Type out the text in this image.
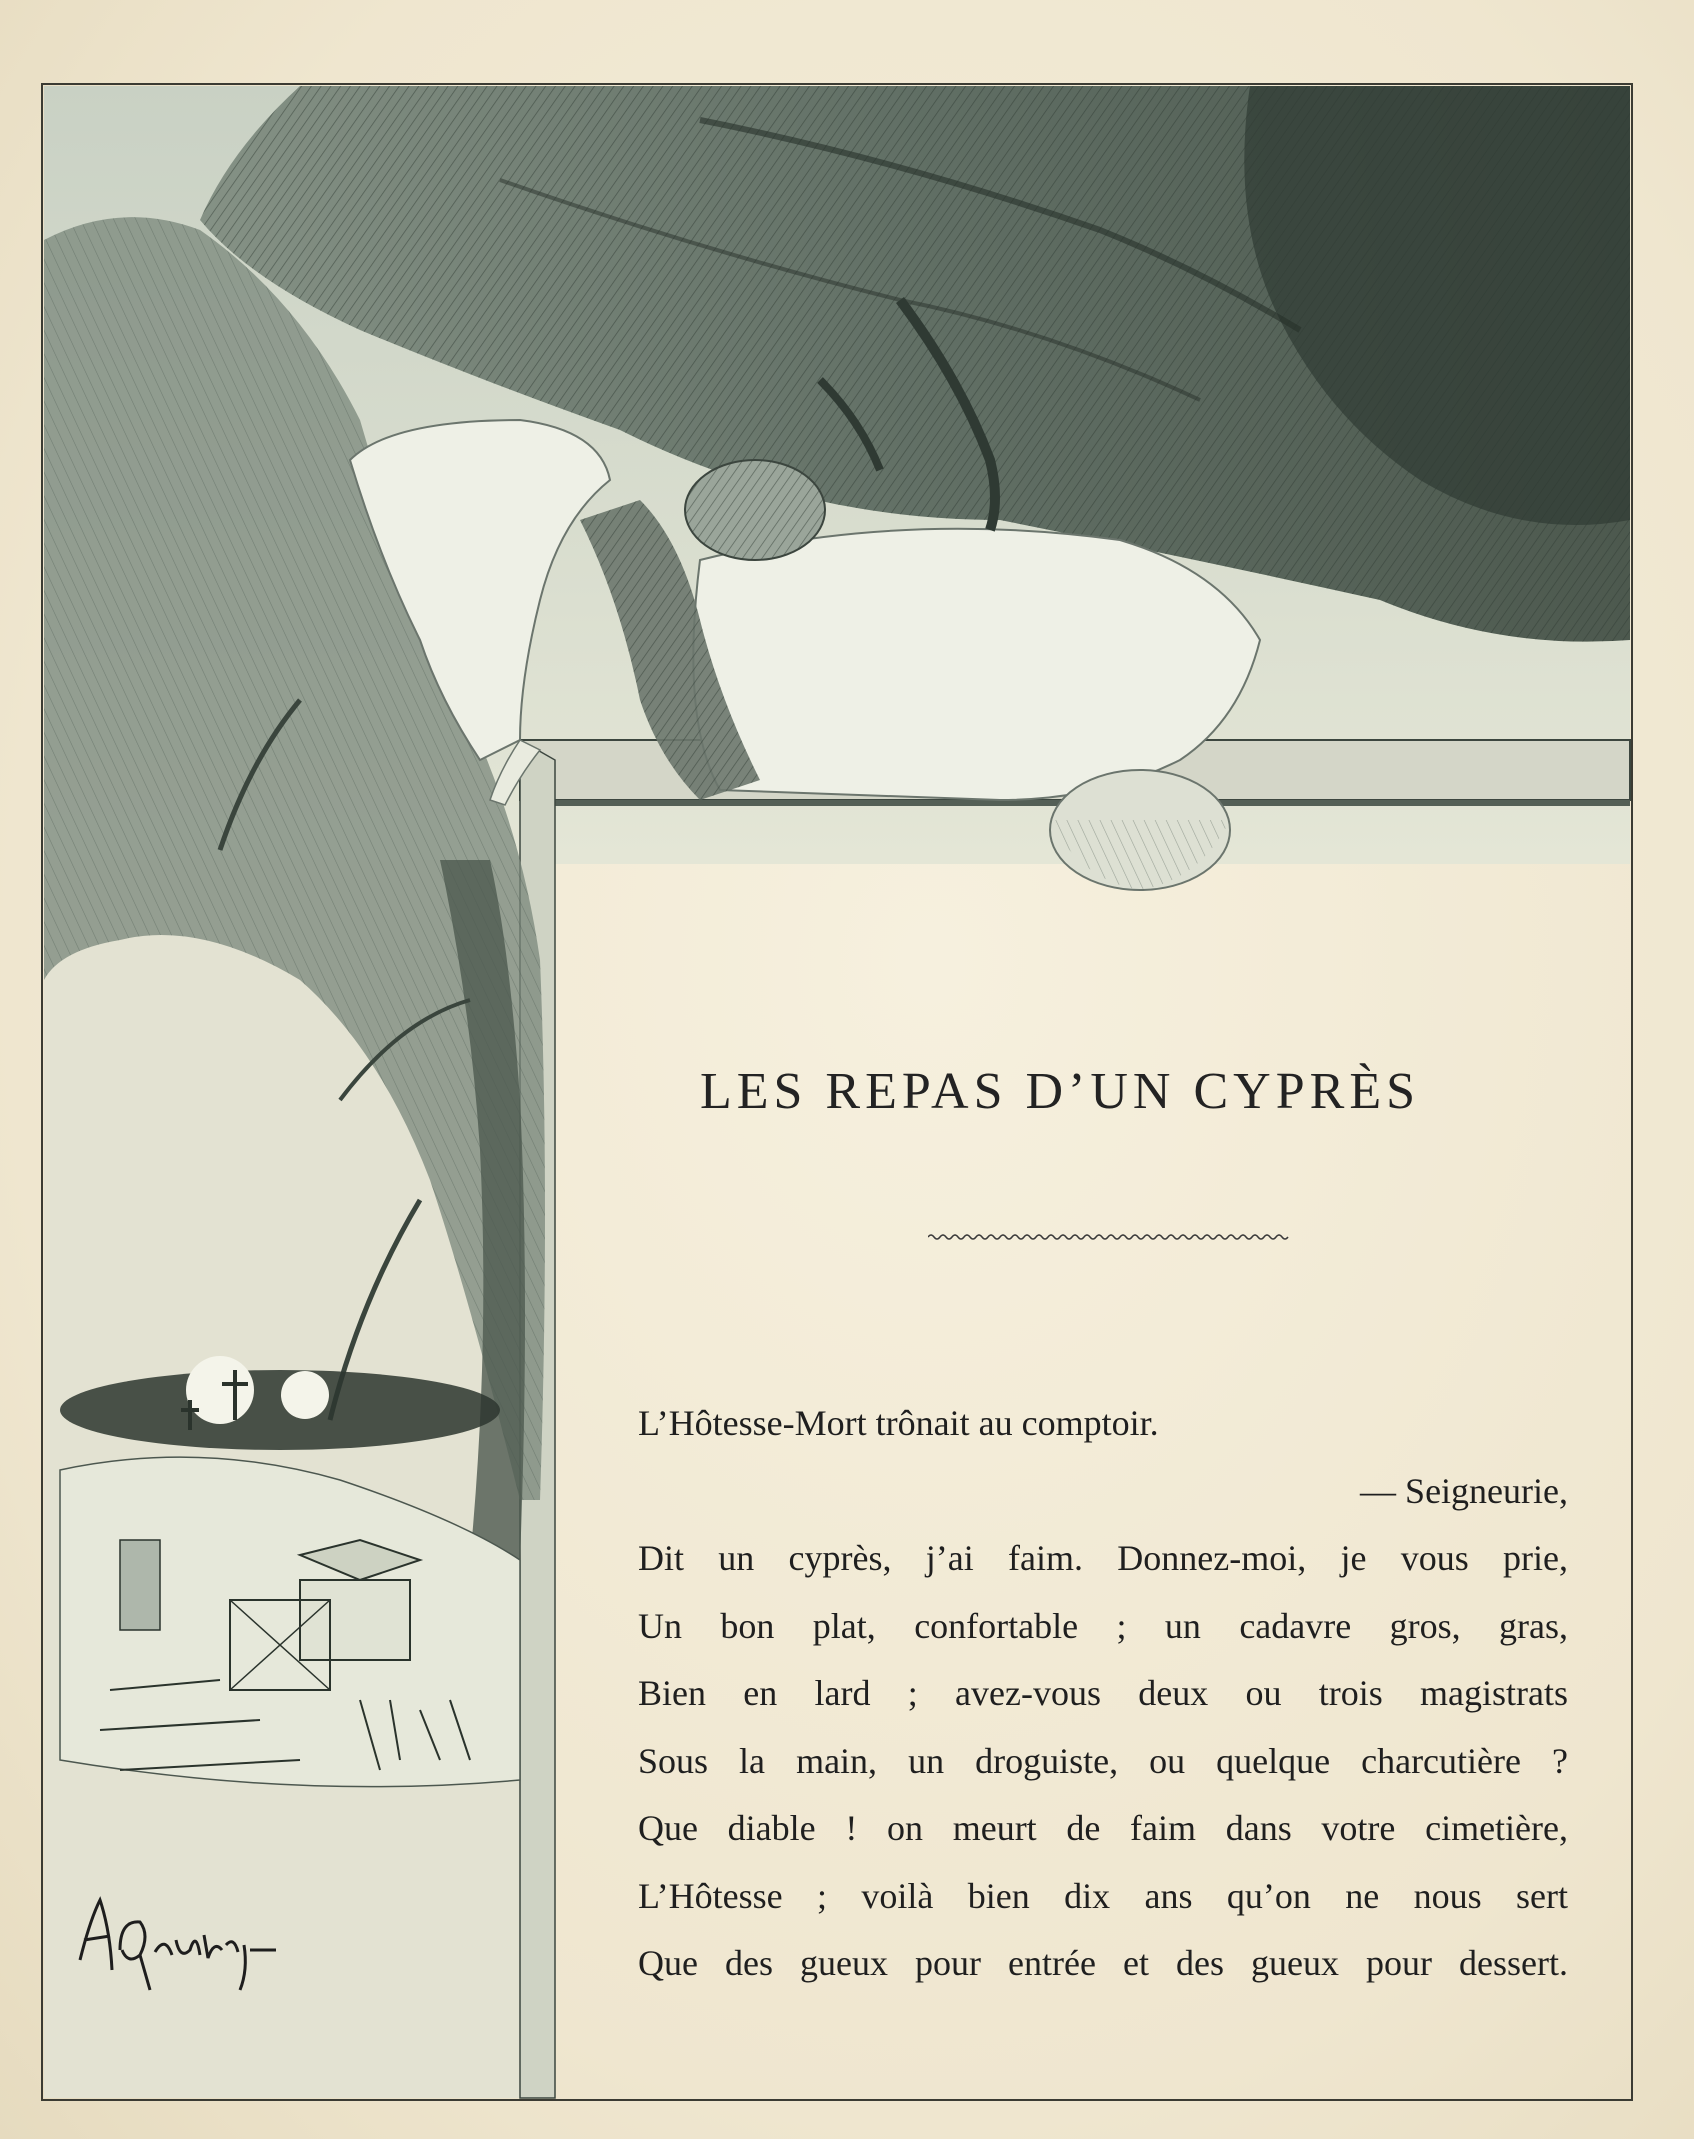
LES REPAS D’UN CYPRÈS
L’Hôtesse-Mort trônait au comptoir.
— Seigneurie,
Dit un cyprès, j’ai faim. Donnez-moi, je vous prie,
Un bon plat, confortable ; un cadavre gros, gras,
Bien en lard ; avez-vous deux ou trois magistrats
Sous la main, un droguiste, ou quelque charcutière ?
Que diable ! on meurt de faim dans votre cimetière,
L’Hôtesse ; voilà bien dix ans qu’on ne nous sert
Que des gueux pour entrée et des gueux pour dessert.
